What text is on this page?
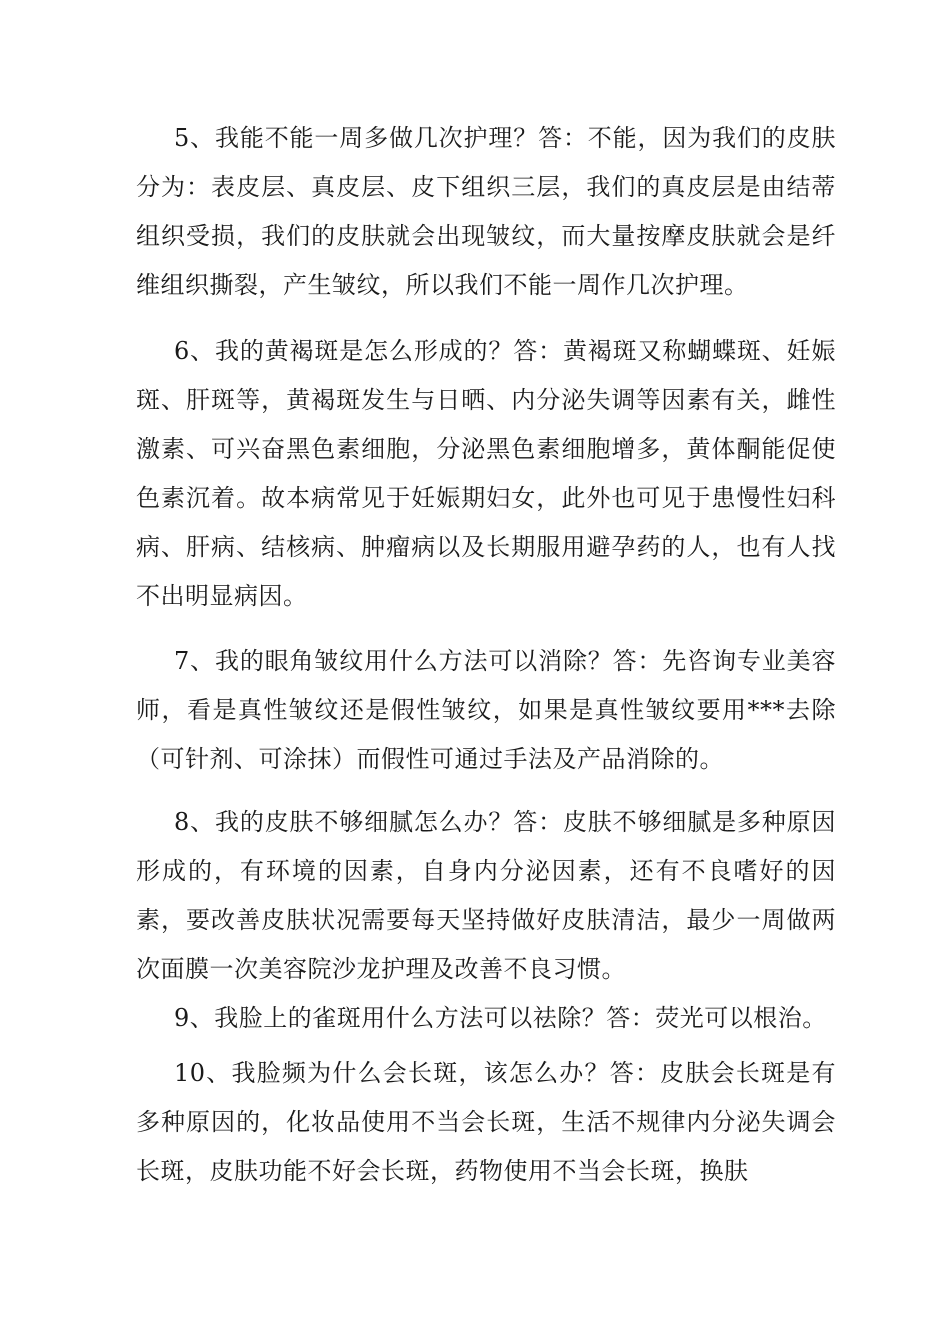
5、我能不能一周多做几次护理？答：不能，因为我们的皮肤分为：表皮层、真皮层、皮下组织三层，我们的真皮层是由结蒂组织受损，我们的皮肤就会出现皱纹，而大量按摩皮肤就会是纤维组织撕裂，产生皱纹，所以我们不能一周作几次护理。

6、我的黄褐斑是怎么形成的？答：黄褐斑又称蝴蝶斑、妊娠斑、肝斑等，黄褐斑发生与日晒、内分泌失调等因素有关，雌性激素、可兴奋黑色素细胞，分泌黑色素细胞增多，黄体酮能促使色素沉着。故本病常见于妊娠期妇女，此外也可见于患慢性妇科病、肝病、结核病、肿瘤病以及长期服用避孕药的人，也有人找不出明显病因。

7、我的眼角皱纹用什么方法可以消除？答：先咨询专业美容师，看是真性皱纹还是假性皱纹，如果是真性皱纹要用***去除（可针剂、可涂抹）而假性可通过手法及产品消除的。

8、我的皮肤不够细腻怎么办？答：皮肤不够细腻是多种原因形成的，有环境的因素，自身内分泌因素，还有不良嗜好的因素，要改善皮肤状况需要每天坚持做好皮肤清洁，最少一周做两次面膜一次美容院沙龙护理及改善不良习惯。

9、我脸上的雀斑用什么方法可以祛除？答：荧光可以根治。

10、我脸频为什么会长斑，该怎么办？答：皮肤会长斑是有多种原因的，化妆品使用不当会长斑，生活不规律内分泌失调会长斑，皮肤功能不好会长斑，药物使用不当会长斑，换肤
